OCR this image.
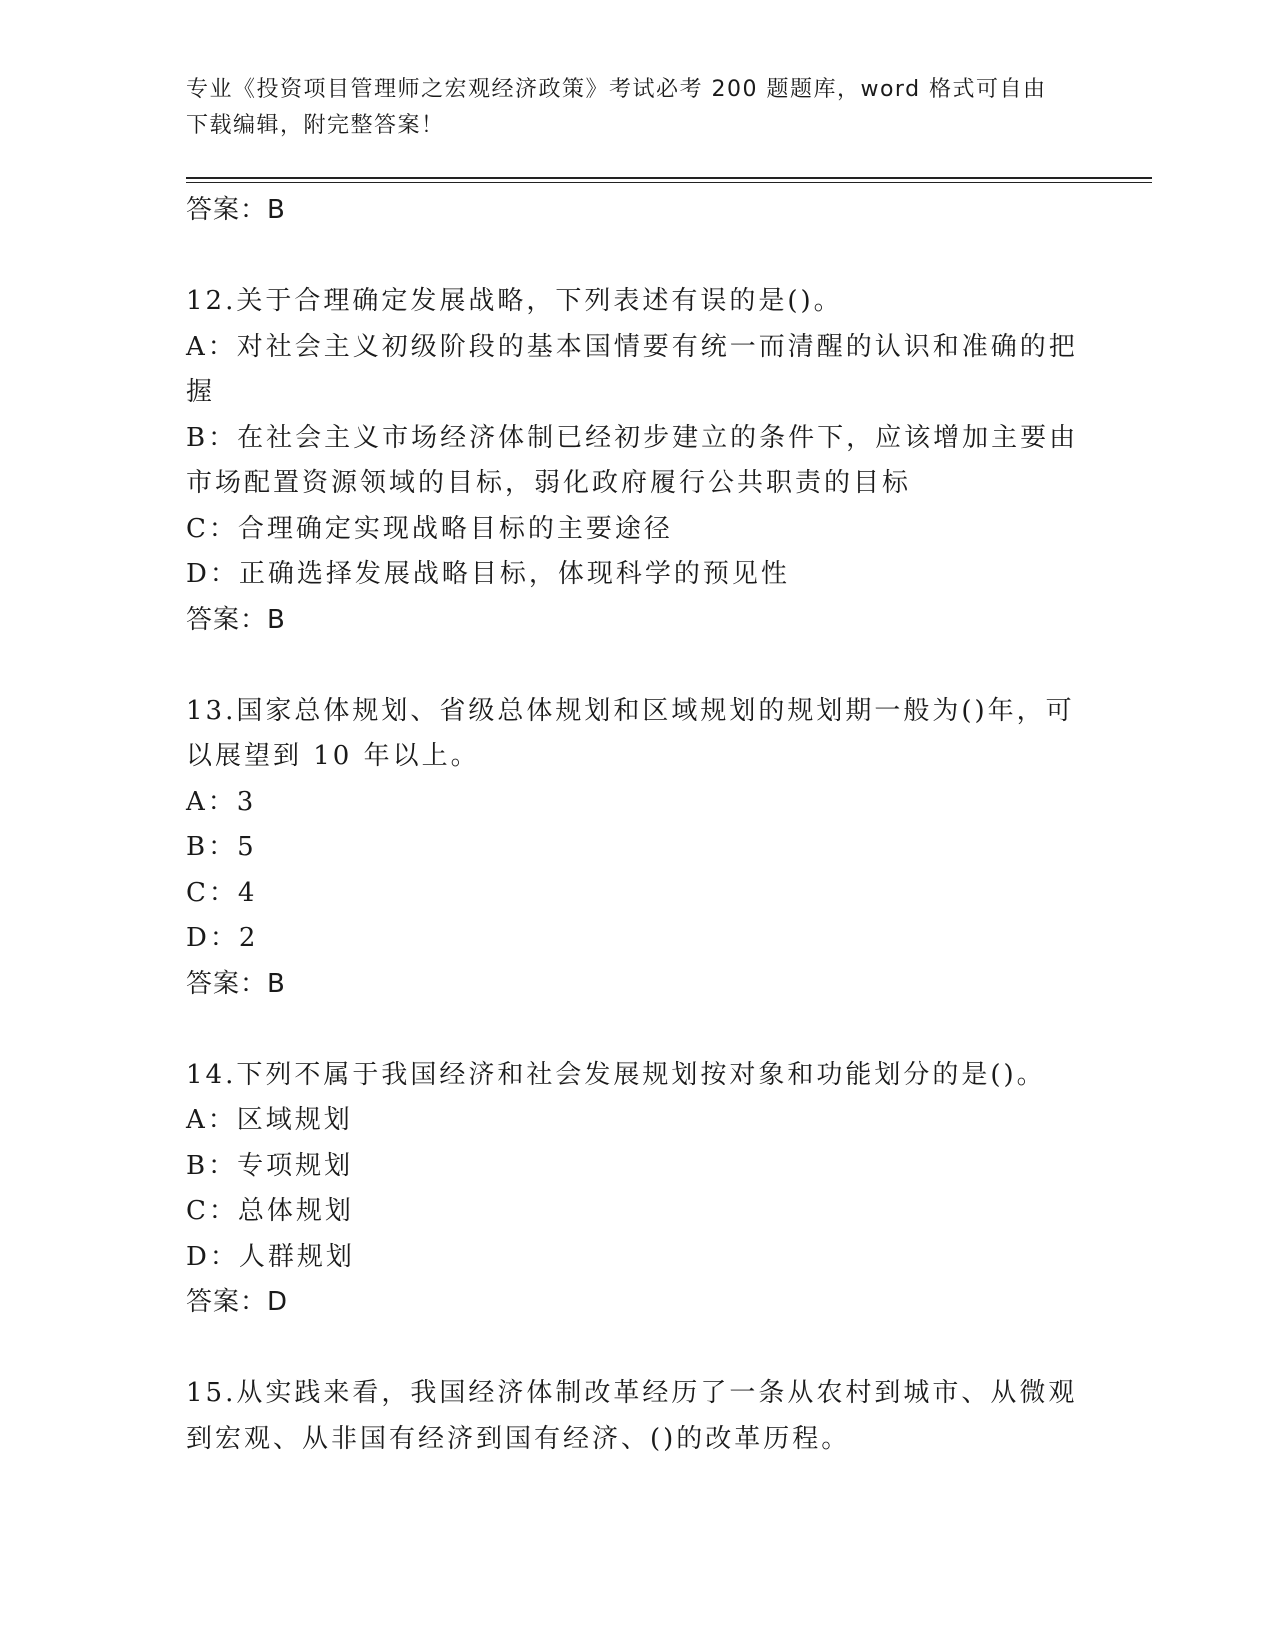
专业《投资项目管理师之宏观经济政策》考试必考 200 题题库，word 格式可自由
下载编辑，附完整答案！
答案：B
12.关于合理确定发展战略，下列表述有误的是()。
A：对社会主义初级阶段的基本国情要有统一而清醒的认识和准确的把
握
B：在社会主义市场经济体制已经初步建立的条件下，应该增加主要由
市场配置资源领域的目标，弱化政府履行公共职责的目标
C：合理确定实现战略目标的主要途径
D：正确选择发展战略目标，体现科学的预见性
答案：B
13.国家总体规划、省级总体规划和区域规划的规划期一般为()年，可
以展望到 10 年以上。
A：3
B：5
C：4
D：2
答案：B
14.下列不属于我国经济和社会发展规划按对象和功能划分的是()。
A：区域规划
B：专项规划
C：总体规划
D：人群规划
答案：D
15.从实践来看，我国经济体制改革经历了一条从农村到城市、从微观
到宏观、从非国有经济到国有经济、()的改革历程。
